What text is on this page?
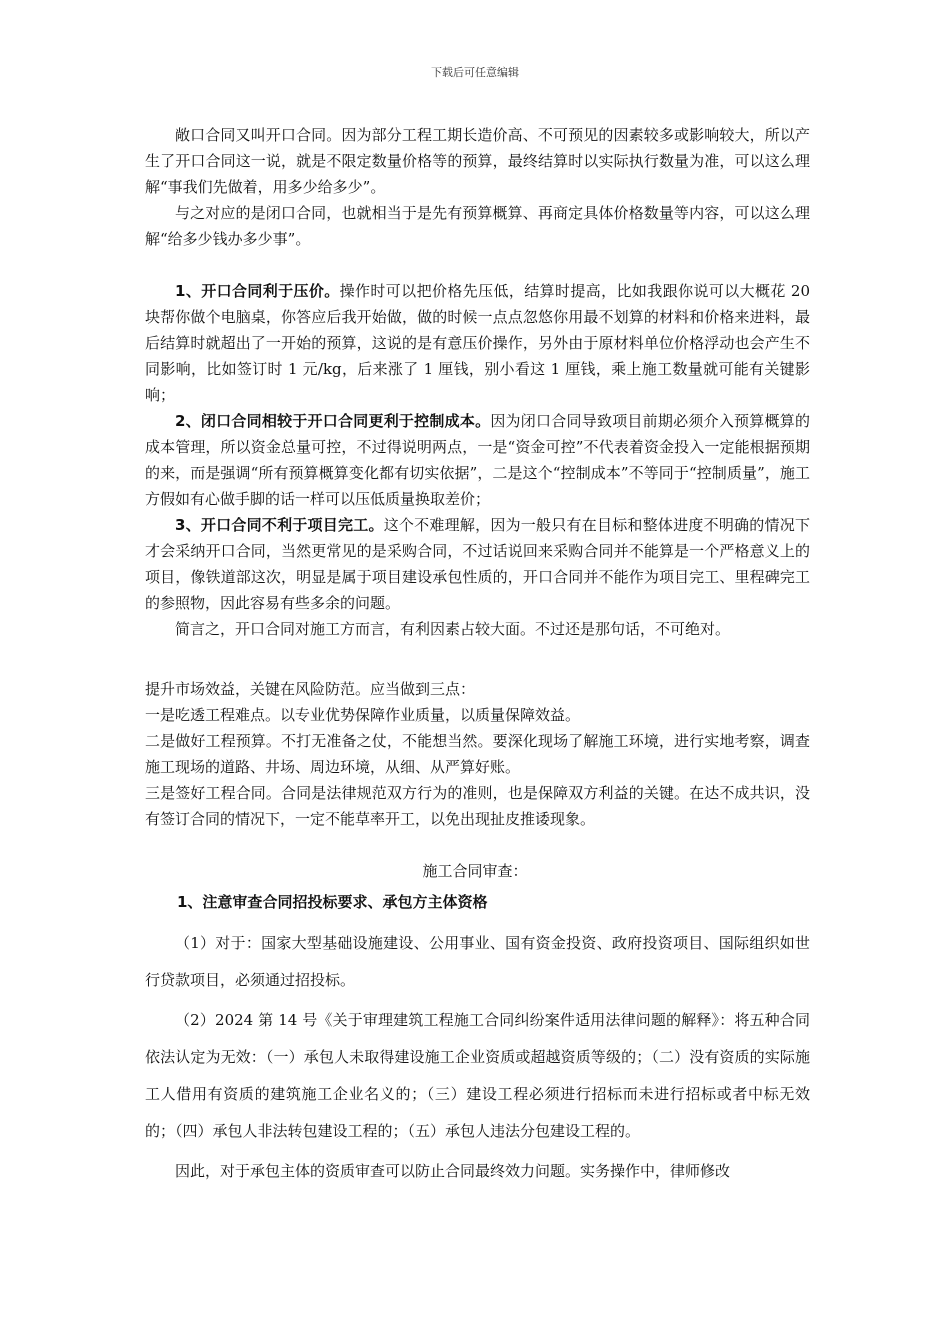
下载后可任意编辑

敞口合同又叫开口合同。因为部分工程工期长造价高、不可预见的因素较多或影响较大，所以产生了开口合同这一说，就是不限定数量价格等的预算，最终结算时以实际执行数量为准，可以这么理解“事我们先做着，用多少给多少”。

与之对应的是闭口合同，也就相当于是先有预算概算、再商定具体价格数量等内容，可以这么理解“给多少钱办多少事”。

1、开口合同利于压价。操作时可以把价格先压低，结算时提高，比如我跟你说可以大概花 20 块帮你做个电脑桌，你答应后我开始做，做的时候一点点忽悠你用最不划算的材料和价格来进料，最后结算时就超出了一开始的预算，这说的是有意压价操作，另外由于原材料单位价格浮动也会产生不同影响，比如签订时 1 元/kg，后来涨了 1 厘钱，别小看这 1 厘钱，乘上施工数量就可能有关键影响；

2、闭口合同相较于开口合同更利于控制成本。因为闭口合同导致项目前期必须介入预算概算的成本管理，所以资金总量可控，不过得说明两点，一是“资金可控”不代表着资金投入一定能根据预期的来，而是强调“所有预算概算变化都有切实依据”，二是这个“控制成本”不等同于“控制质量”，施工方假如有心做手脚的话一样可以压低质量换取差价；

3、开口合同不利于项目完工。这个不难理解，因为一般只有在目标和整体进度不明确的情况下才会采纳开口合同，当然更常见的是采购合同，不过话说回来采购合同并不能算是一个严格意义上的项目，像铁道部这次，明显是属于项目建设承包性质的，开口合同并不能作为项目完工、里程碑完工的参照物，因此容易有些多余的问题。

简言之，开口合同对施工方而言，有利因素占较大面。不过还是那句话，不可绝对。

提升市场效益，关键在风险防范。应当做到三点：

一是吃透工程难点。以专业优势保障作业质量，以质量保障效益。

二是做好工程预算。不打无准备之仗，不能想当然。要深化现场了解施工环境，进行实地考察，调查施工现场的道路、井场、周边环境，从细、从严算好账。

三是签好工程合同。合同是法律规范双方行为的准则，也是保障双方利益的关键。在达不成共识，没有签订合同的情况下，一定不能草率开工，以免出现扯皮推诿现象。

施工合同审查：
1、注意审查合同招投标要求、承包方主体资格

（1）对于：国家大型基础设施建设、公用事业、国有资金投资、政府投资项目、国际组织如世行贷款项目，必须通过招投标。

（2）2024 第 14 号《关于审理建筑工程施工合同纠纷案件适用法律问题的解释》：将五种合同依法认定为无效：（一）承包人未取得建设施工企业资质或超越资质等级的；（二）没有资质的实际施工人借用有资质的建筑施工企业名义的；（三）建设工程必须进行招标而未进行招标或者中标无效的；（四）承包人非法转包建设工程的；（五）承包人违法分包建设工程的。

因此，对于承包主体的资质审查可以防止合同最终效力问题。实务操作中，律师修改
